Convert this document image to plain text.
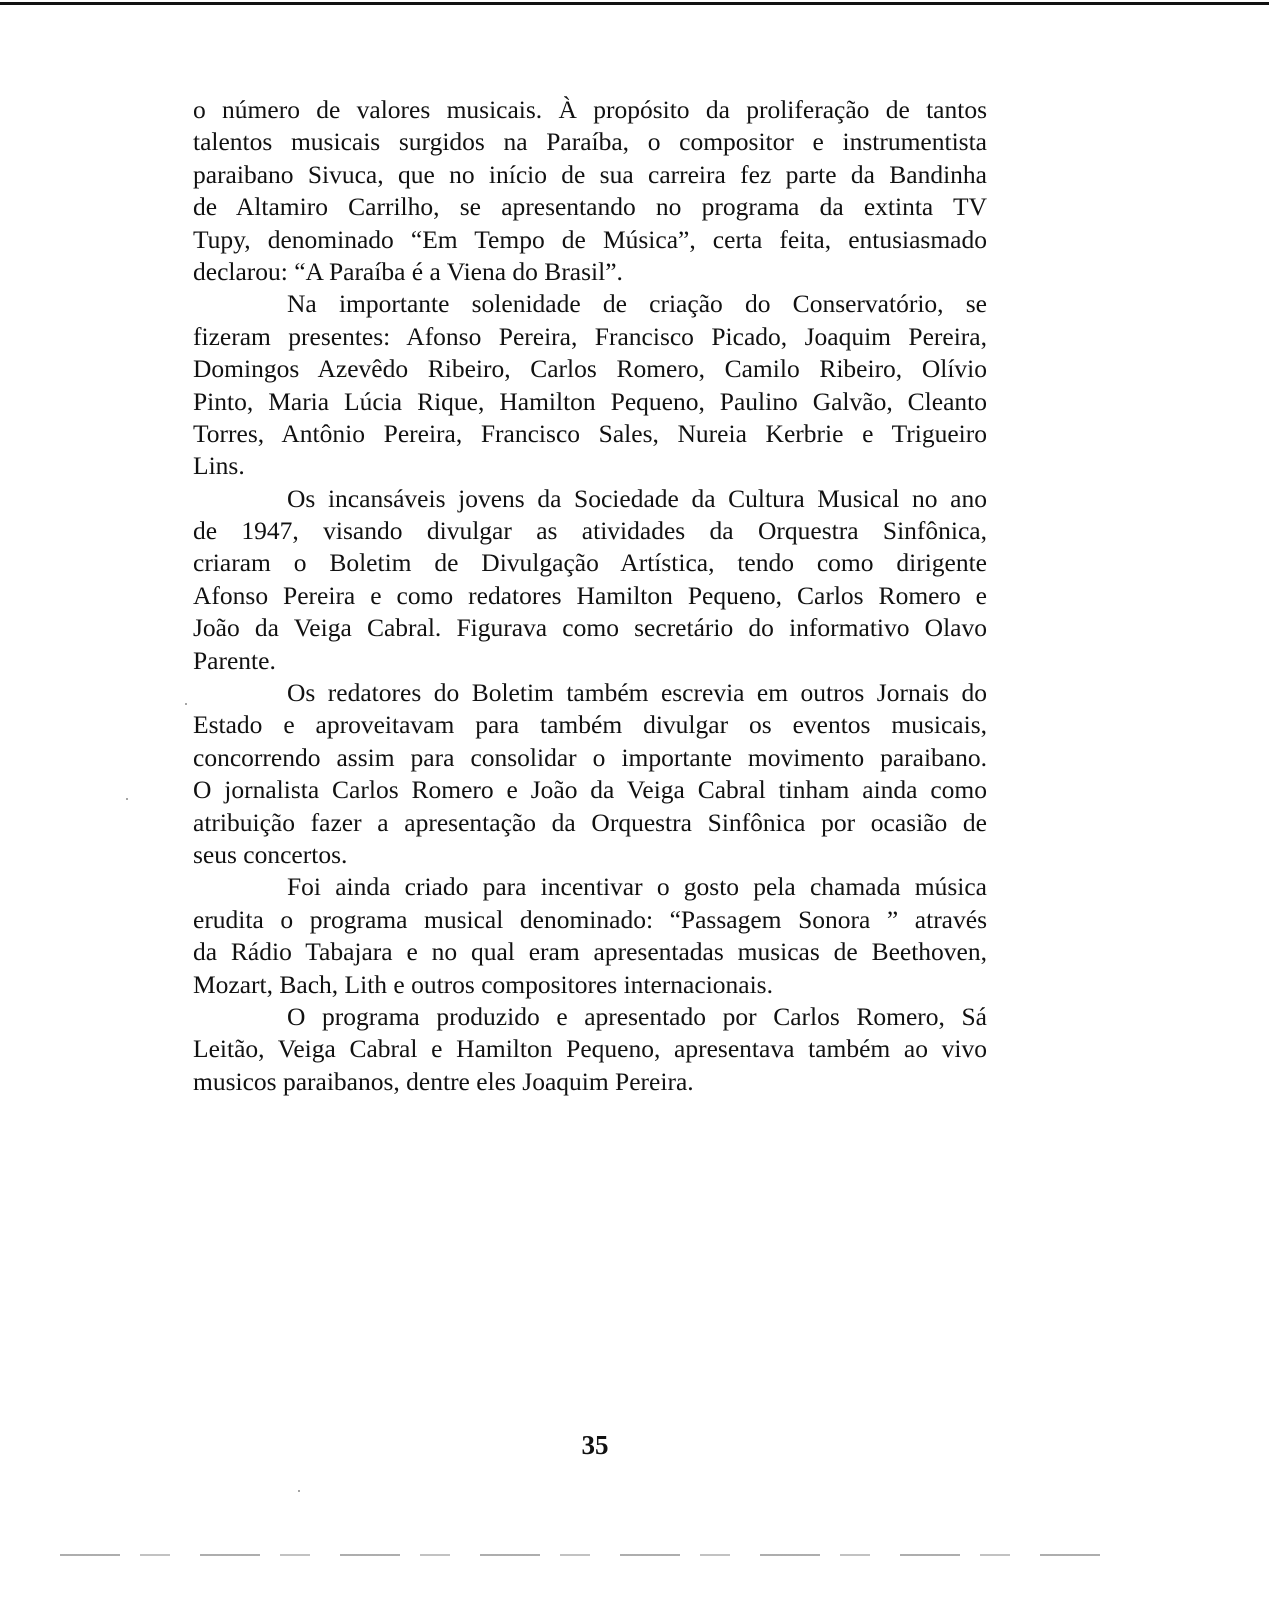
o número de valores musicais. À propósito da proliferação de tantos
talentos musicais surgidos na Paraíba, o compositor e instrumentista
paraibano Sivuca, que no início de sua carreira fez parte da Bandinha
de Altamiro Carrilho, se apresentando no programa da extinta TV
Tupy, denominado “Em Tempo de Música”, certa feita, entusiasmado
declarou: “A Paraíba é a Viena do Brasil”.
Na importante solenidade de criação do Conservatório, se
fizeram presentes: Afonso Pereira, Francisco Picado, Joaquim Pereira,
Domingos Azevêdo Ribeiro, Carlos Romero, Camilo Ribeiro, Olívio
Pinto, Maria Lúcia Rique, Hamilton Pequeno, Paulino Galvão, Cleanto
Torres, Antônio Pereira, Francisco Sales, Nureia Kerbrie e Trigueiro
Lins.
Os incansáveis jovens da Sociedade da Cultura Musical no ano
de 1947, visando divulgar as atividades da Orquestra Sinfônica,
criaram o Boletim de Divulgação Artística, tendo como dirigente
Afonso Pereira e como redatores Hamilton Pequeno, Carlos Romero e
João da Veiga Cabral. Figurava como secretário do informativo Olavo
Parente.
Os redatores do Boletim também escrevia em outros Jornais do
Estado e aproveitavam para também divulgar os eventos musicais,
concorrendo assim para consolidar o importante movimento paraibano.
O jornalista Carlos Romero e João da Veiga Cabral tinham ainda como
atribuição fazer a apresentação da Orquestra Sinfônica por ocasião de
seus concertos.
Foi ainda criado para incentivar o gosto pela chamada música
erudita o programa musical denominado: “Passagem Sonora ” através
da Rádio Tabajara e no qual eram apresentadas musicas de Beethoven,
Mozart, Bach, Lith e outros compositores internacionais.
O programa produzido e apresentado por Carlos Romero, Sá
Leitão, Veiga Cabral e Hamilton Pequeno, apresentava também ao vivo
musicos paraibanos, dentre eles Joaquim Pereira.
35
